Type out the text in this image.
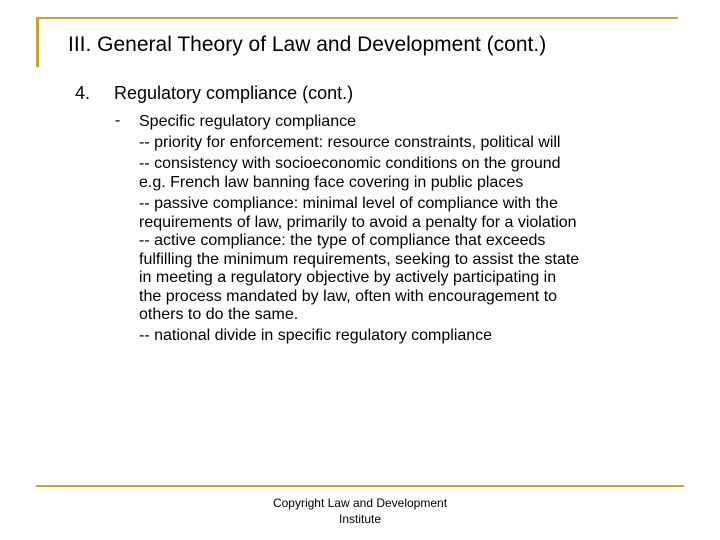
III. General Theory of Law and Development (cont.)
4. Regulatory compliance (cont.)
- Specific regulatory compliance
-- priority for enforcement: resource constraints, political will
-- consistency with socioeconomic conditions on the ground
e.g. French law banning face covering in public places
-- passive compliance: minimal level of compliance with the
requirements of law, primarily to avoid a penalty for a violation
-- active compliance: the type of compliance that exceeds
fulfilling the minimum requirements, seeking to assist the state
in meeting a regulatory objective by actively participating in
the process mandated by law, often with encouragement to
others to do the same.
-- national divide in specific regulatory compliance
Copyright Law and Development
Institute
